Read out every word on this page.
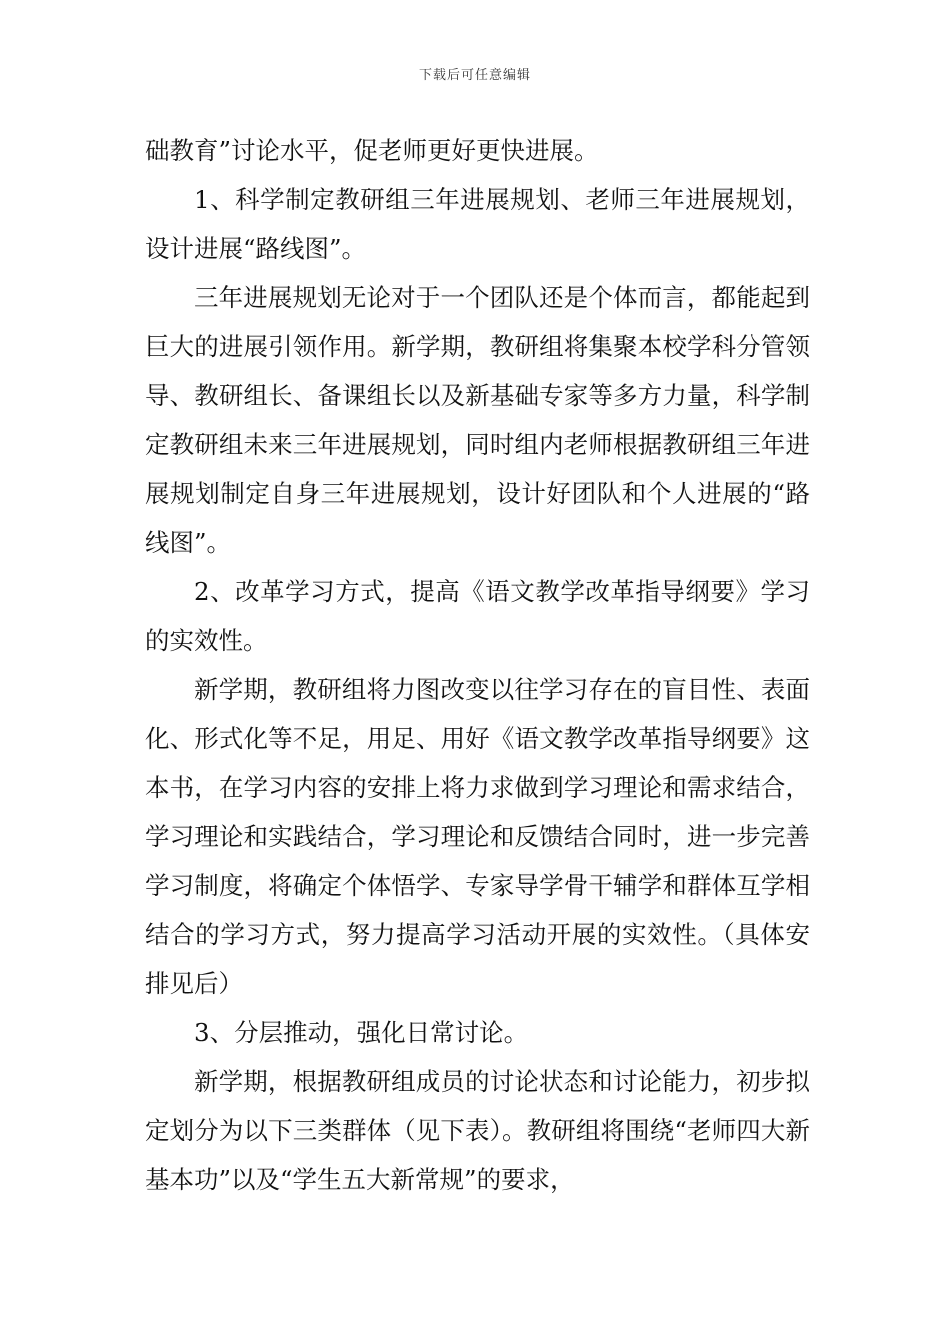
下载后可任意编辑

础教育”讨论水平，促老师更好更快进展。

1、科学制定教研组三年进展规划、老师三年进展规划，设计进展“路线图”。

三年进展规划无论对于一个团队还是个体而言，都能起到巨大的进展引领作用。新学期，教研组将集聚本校学科分管领导、教研组长、备课组长以及新基础专家等多方力量，科学制定教研组未来三年进展规划，同时组内老师根据教研组三年进展规划制定自身三年进展规划，设计好团队和个人进展的“路线图”。

2、改革学习方式，提高《语文教学改革指导纲要》学习的实效性。

新学期，教研组将力图改变以往学习存在的盲目性、表面化、形式化等不足，用足、用好《语文教学改革指导纲要》这本书，在学习内容的安排上将力求做到学习理论和需求结合，学习理论和实践结合，学习理论和反馈结合同时，进一步完善学习制度，将确定个体悟学、专家导学骨干辅学和群体互学相结合的学习方式，努力提高学习活动开展的实效性。（具体安排见后）

3、分层推动，强化日常讨论。

新学期，根据教研组成员的讨论状态和讨论能力，初步拟定划分为以下三类群体（见下表）。教研组将围绕“老师四大新基本功”以及“学生五大新常规”的要求，
